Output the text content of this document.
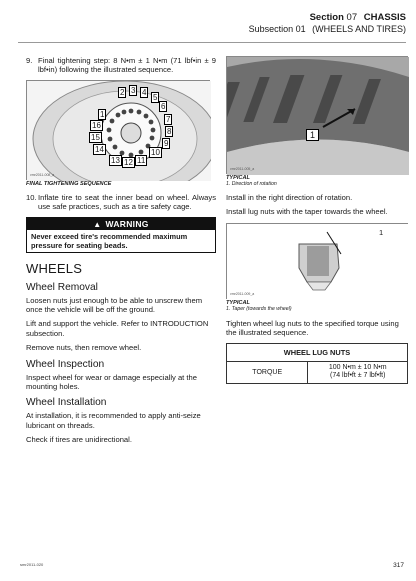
Section 07 CHASSIS
Subsection 01 (WHEELS AND TIRES)
9. Final tightening step: 8 N•m ± 1 N•m (71 lbf•in ± 9 lbf•in) following the illustrated sequence.
1
2 3 4
5
6
7
8
9
10
11
12
13
14
15
16
vmr2011-008_a
FINAL TIGHTENING SEQUENCE
10. Inflate tire to seat the inner bead on wheel. Always use safe practices, such as a tire safety cage.
▲ WARNING
Never exceed tire's recommended maximum pressure for seating beads.
WHEELS
Wheel Removal
Loosen nuts just enough to be able to unscrew them once the vehicle will be off the ground.
Lift and support the vehicle. Refer to INTRODUCTION subsection.
Remove nuts, then remove wheel.
Wheel Inspection
Inspect wheel for wear or damage especially at the mounting holes.
Wheel Installation
At installation, it is recommended to apply anti-seize lubricant on threads.
Check if tires are unidirectional.
1
vmr2011-005_a
TYPICAL
1. Direction of rotation
Install in the right direction of rotation.
Install lug nuts with the taper towards the wheel.
1
vmr2011-009_a
TYPICAL
1. Taper (towards the wheel)
Tighten wheel lug nuts to the specified torque using the illustrated sequence.
WHEEL LUG NUTS
TORQUE	
100 N•m ± 10 N•m
(74 lbf•ft ± 7 lbf•ft)
smr2011-020	317
